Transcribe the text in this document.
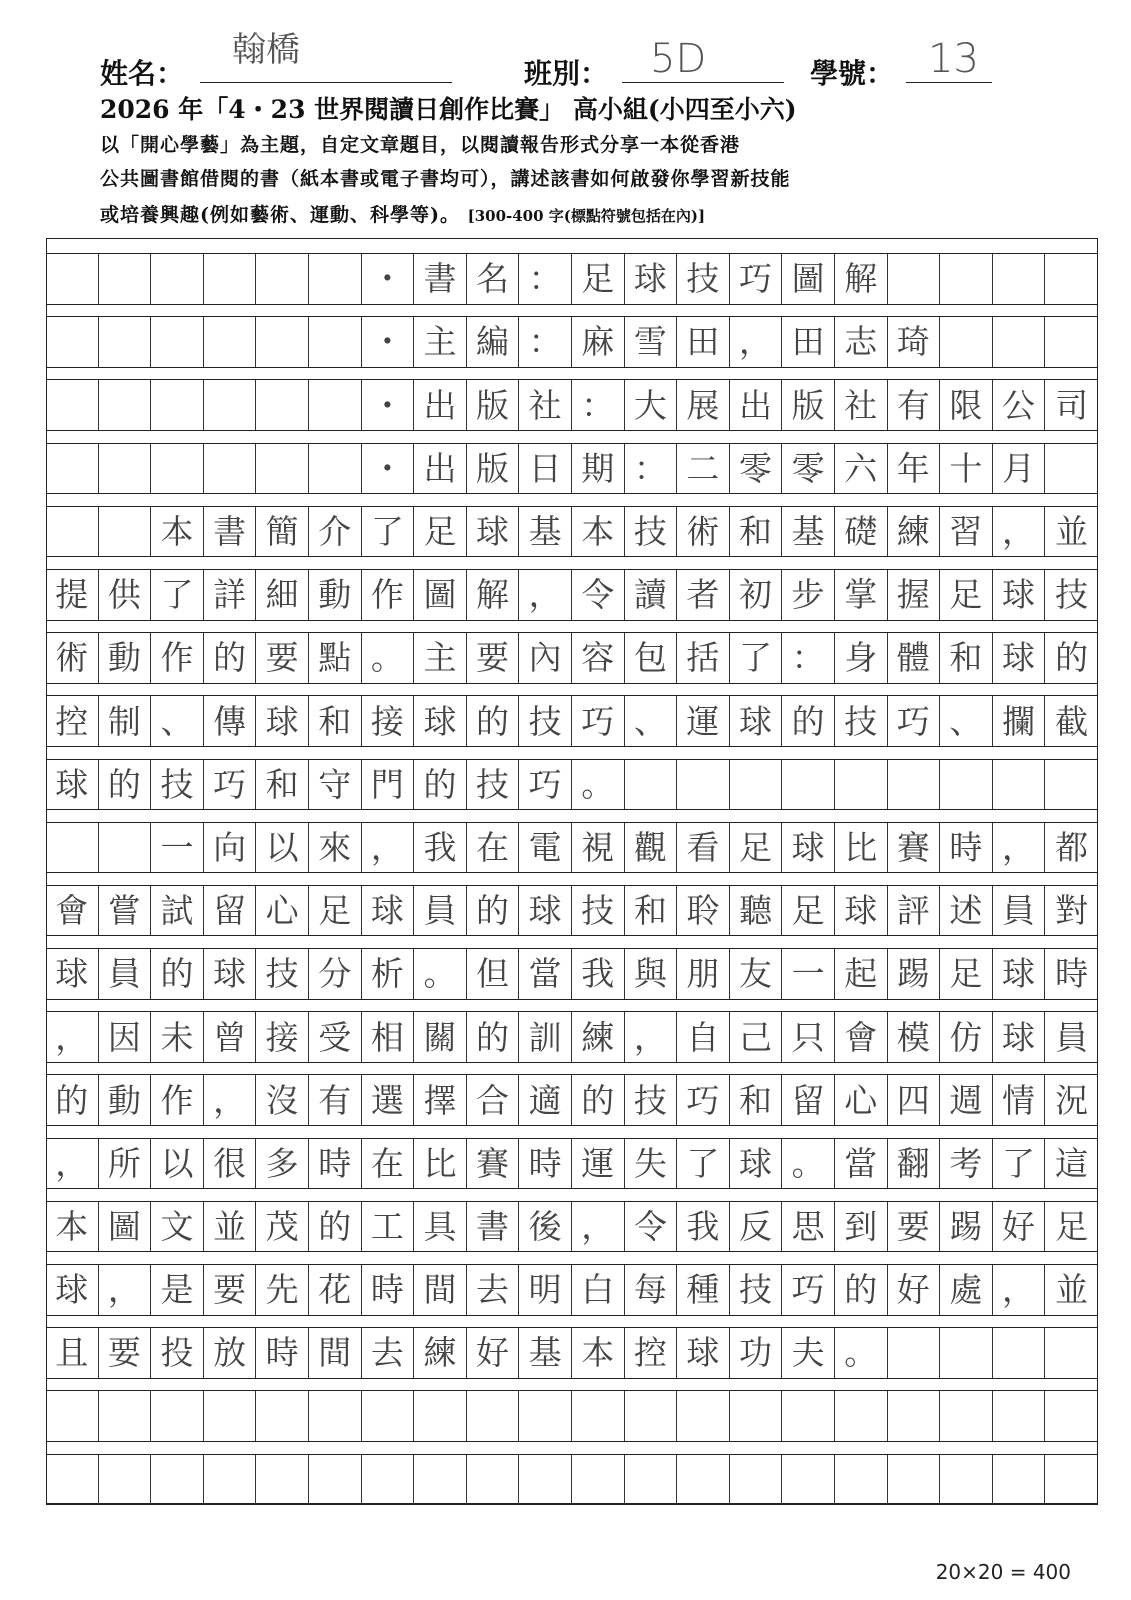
姓名：
翰橋
班別： 5D	學號： 13
2026 年「4・23 世界閱讀日創作比賽」 高小組(小四至小六)
以「開心學藝」為主題，自定文章題目，以閱讀報告形式分享一本從香港
公共圖書館借閱的書（紙本書或電子書均可），講述該書如何啟發你學習新技能
或培養興趣(例如藝術、運動、科學等)。 [300-400 字(標點符號包括在內)]
・ 書 名 ： 足 球 技 巧 圖 解
・ 主 編 ： 麻 雪 田 ， 田 志 琦
・ 出 版 社 ： 大 展 出 版 社 有 限 公 司
・ 出 版 日 期 ： 二 零 零 六 年 十 月
本 書 簡 介 了 足 球 基 本 技 術 和 基 礎 練 習 ， 並
提 供 了 詳 細 動 作 圖 解 ， 令 讀 者 初 步 掌 握 足 球 技
術 動 作 的 要 點 。 主 要 內 容 包 括 了 ： 身 體 和 球 的
控 制 、 傳 球 和 接 球 的 技 巧 、 運 球 的 技 巧 、 攔 截
球 的 技 巧 和 守 門 的 技 巧 。
一 向 以 來 ， 我 在 電 視 觀 看 足 球 比 賽 時 ， 都
會 嘗 試 留 心 足 球 員 的 球 技 和 聆 聽 足 球 評 述 員 對
球 員 的 球 技 分 析 。 但 當 我 與 朋 友 一 起 踢 足 球 時
， 因 未 曾 接 受 相 關 的 訓 練 ， 自 己 只 會 模 仿 球 員
的 動 作 ， 沒 有 選 擇 合 適 的 技 巧 和 留 心 四 週 情 況
， 所 以 很 多 時 在 比 賽 時 運 失 了 球 。 當 翻 考 了 這
本 圖 文 並 茂 的 工 具 書 後 ， 令 我 反 思 到 要 踢 好 足
球 ， 是 要 先 花 時 間 去 明 白 每 種 技 巧 的 好 處 ， 並
且 要 投 放 時 間 去 練 好 基 本 控 球 功 夫 。
20×20 = 400
